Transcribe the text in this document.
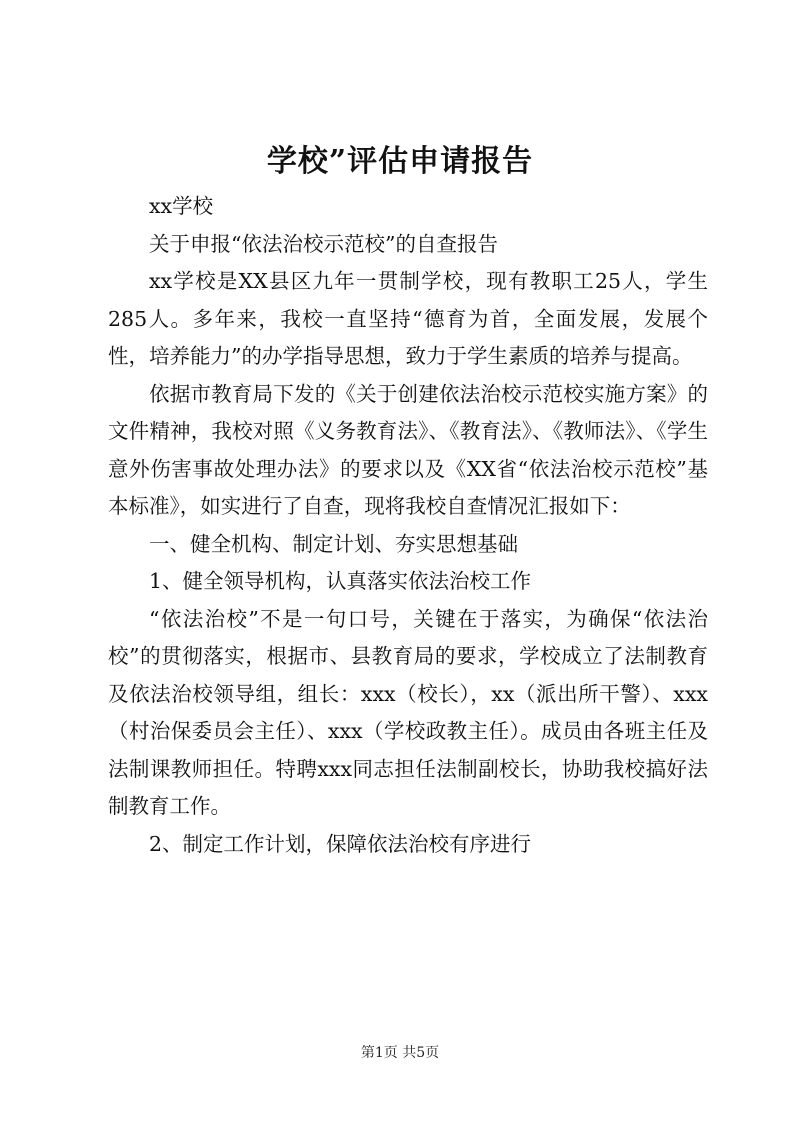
学校”评估申请报告

xx学校

关于申报“依法治校示范校”的自查报告

xx学校是XX县区九年一贯制学校，现有教职工25人，学生285人。多年来，我校一直坚持“德育为首，全面发展，发展个性，培养能力”的办学指导思想，致力于学生素质的培养与提高。

依据市教育局下发的《关于创建依法治校示范校实施方案》的文件精神，我校对照《义务教育法》、《教育法》、《教师法》、《学生意外伤害事故处理办法》的要求以及《XX省“依法治校示范校”基本标准》，如实进行了自查，现将我校自查情况汇报如下：

一、健全机构、制定计划、夯实思想基础

1、健全领导机构，认真落实依法治校工作

“依法治校”不是一句口号，关键在于落实，为确保“依法治校”的贯彻落实，根据市、县教育局的要求，学校成立了法制教育及依法治校领导组，组长：xxx（校长），xx（派出所干警）、xxx（村治保委员会主任）、xxx（学校政教主任）。成员由各班主任及法制课教师担任。特聘xxx同志担任法制副校长，协助我校搞好法制教育工作。

2、制定工作计划，保障依法治校有序进行

第1页 共5页
